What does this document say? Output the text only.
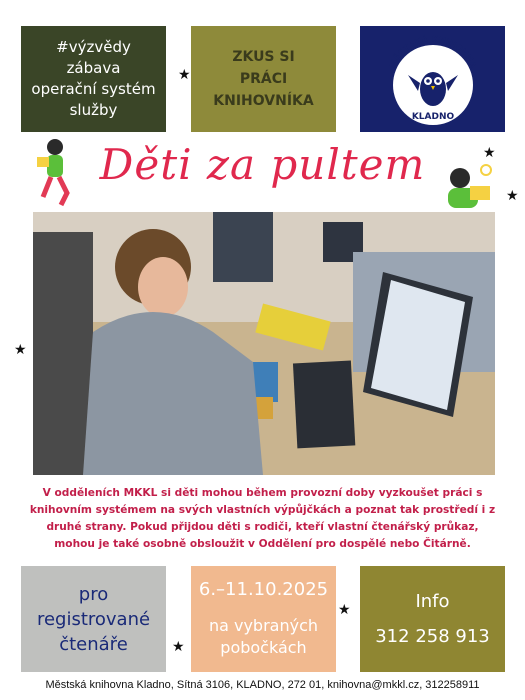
#výzvědy
zábava
operační systém
služby
ZKUS SI
PRÁCI
KNIHOVNÍKA
MĚSTSKÁ KNIHOVNA
KLADNO
Děti za pultem
V odděleních MKKL si děti mohou během provozní doby vyzkoušet práci s knihovním systémem na svých vlastních výpůjčkách a poznat tak prostředí i z druhé strany. Pokud přijdou děti s rodiči, kteří vlastní čtenářský průkaz, mohou je také osobně obsloužit v Oddělení pro dospělé nebo Čitárně.
pro
registrované
čtenáře
6.–11.10.2025
na vybraných
pobočkách
Info
312 258 913
Městská knihovna Kladno, Sítná 3106, KLADNO, 272 01, knihovna@mkkl.cz, 312258911
★
★
★
★
★
★
